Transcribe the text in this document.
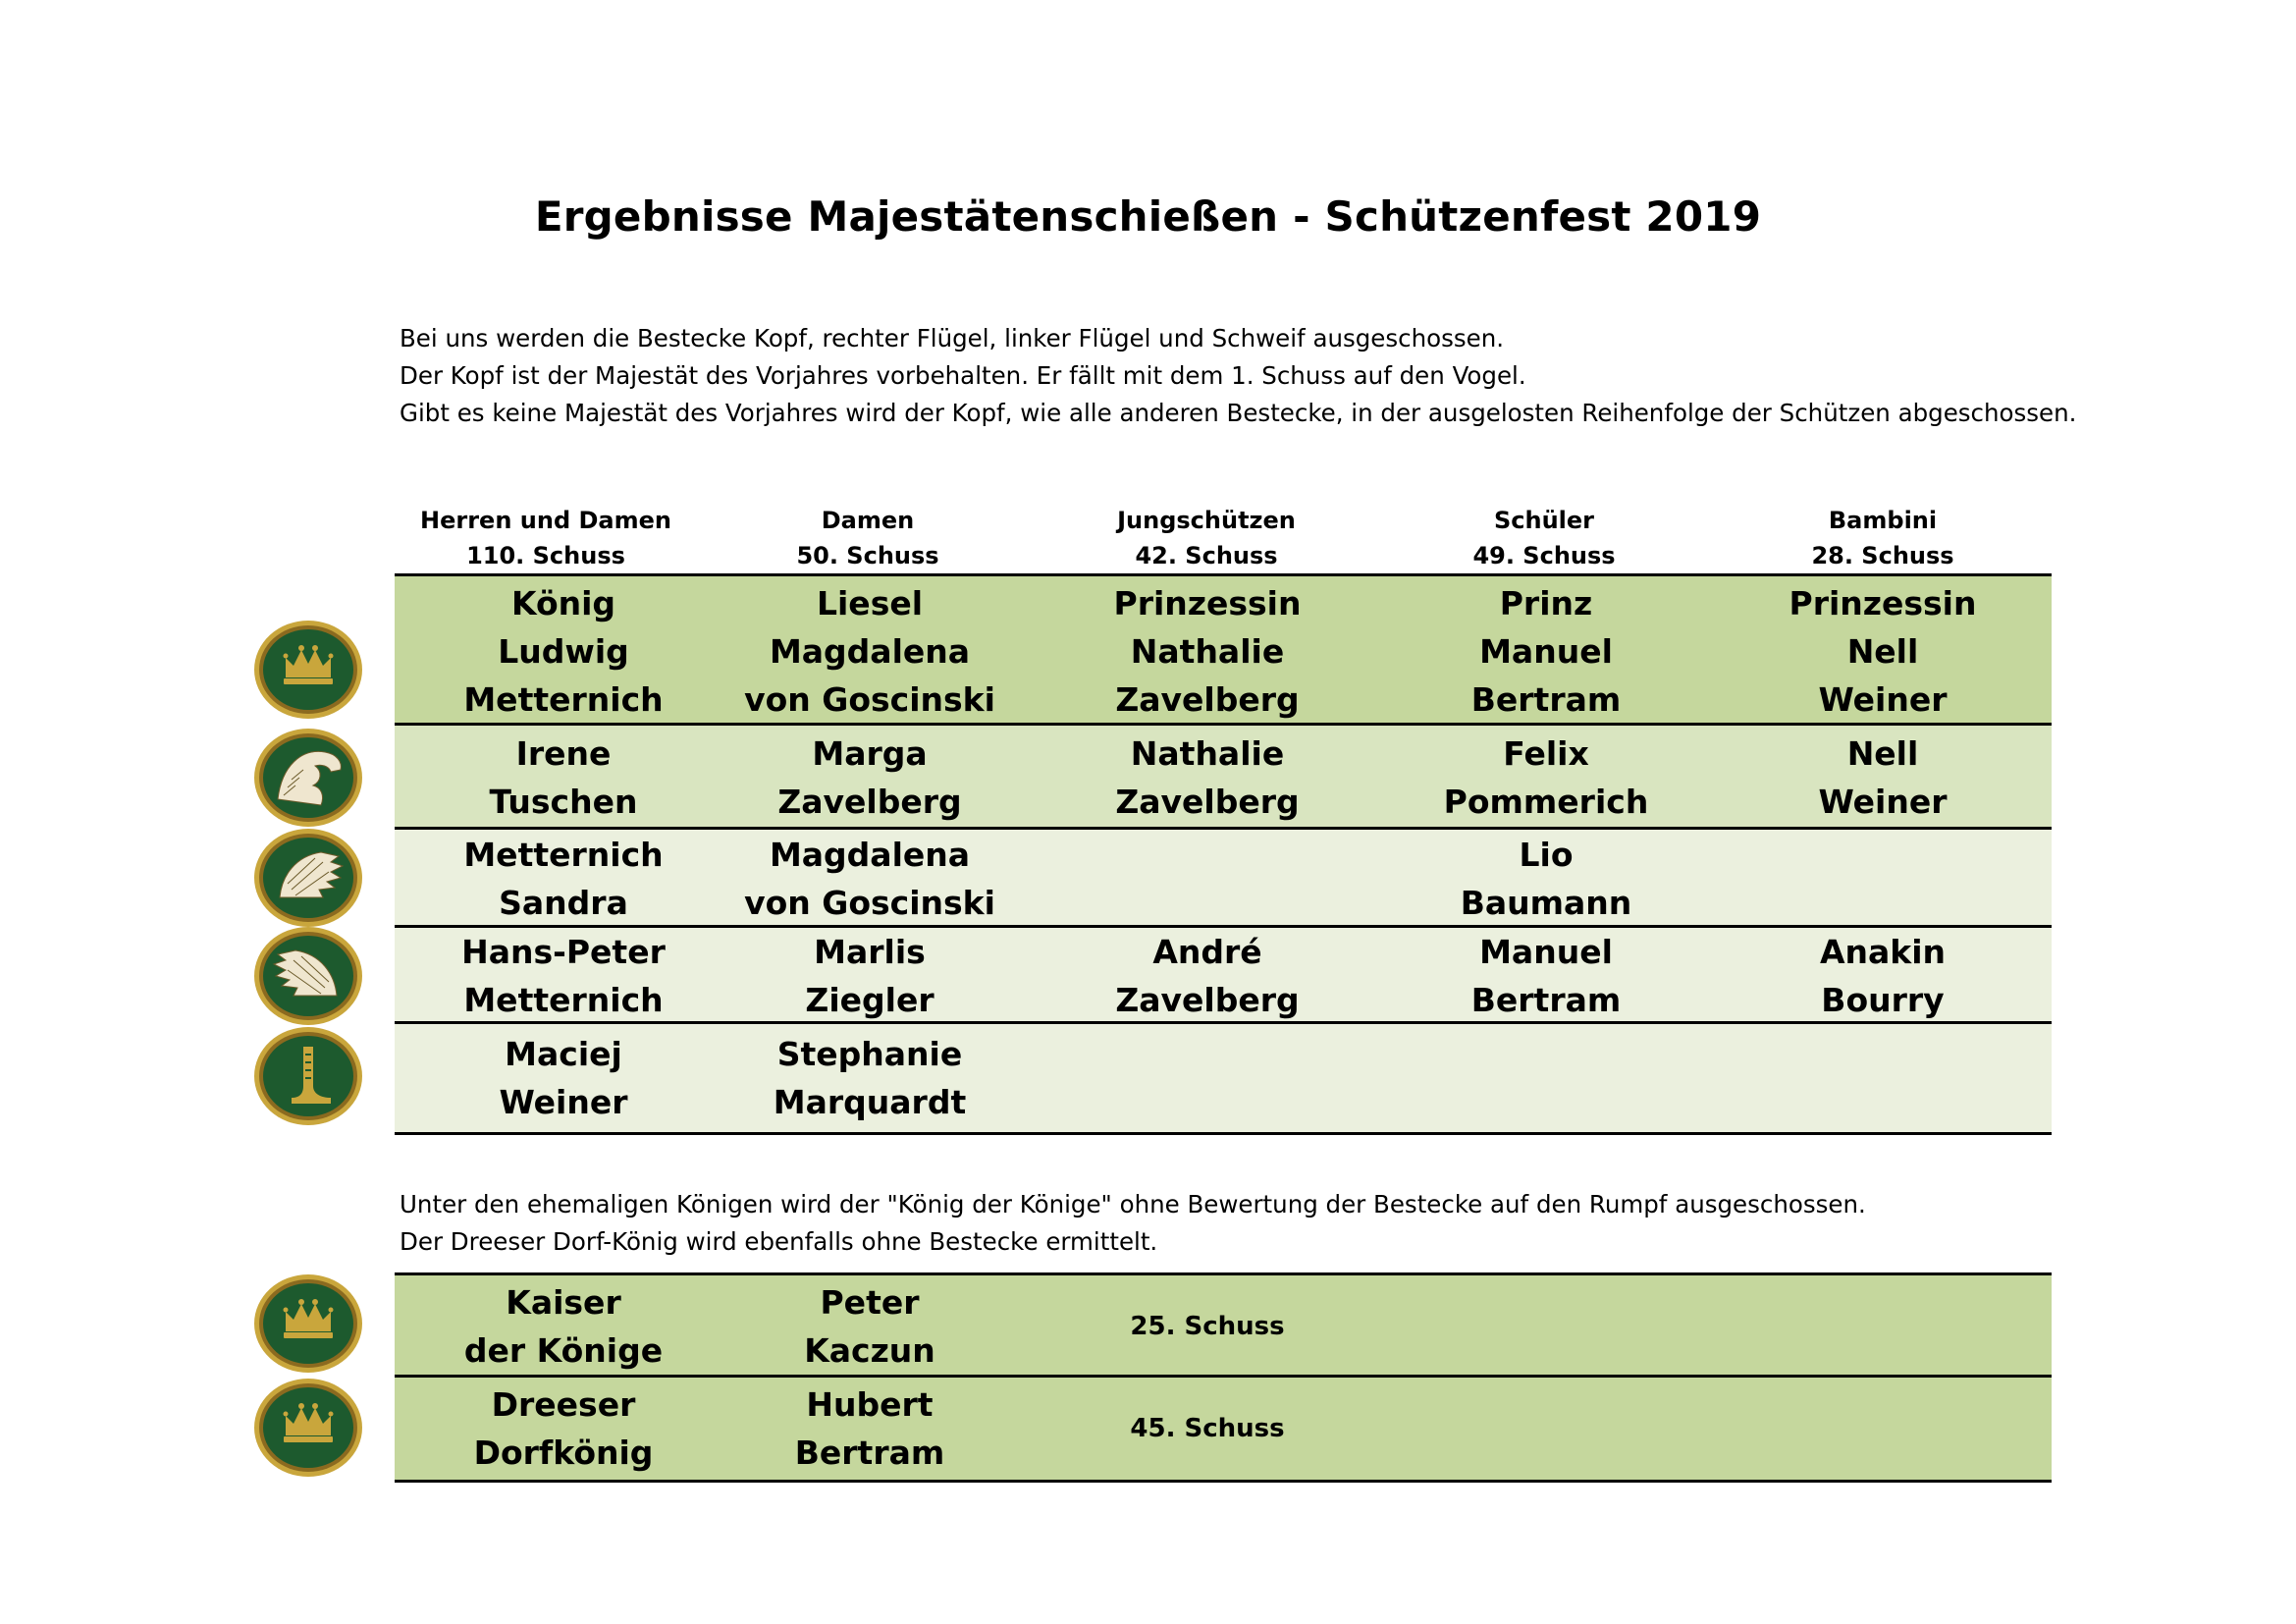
Ergebnisse Majestätenschießen - Schützenfest 2019

Bei uns werden die Bestecke Kopf, rechter Flügel, linker Flügel und Schweif ausgeschossen.

Der Kopf ist der Majestät des Vorjahres vorbehalten. Er fällt mit dem 1. Schuss auf den Vogel.

Gibt es keine Majestät des Vorjahres wird der Kopf, wie alle anderen Bestecke, in der ausgelosten Reihenfolge der Schützen abgeschossen.

Herren und Damen
110. Schuss
Damen
50. Schuss
Jungschützen
42. Schuss
Schüler
49. Schuss
Bambini
28. Schuss
König
Ludwig
Metternich
Liesel
Magdalena
von Goscinski
Prinzessin
Nathalie
Zavelberg
Prinz
Manuel
Bertram
Prinzessin
Nell
Weiner
Irene
Tuschen
Marga
Zavelberg
Nathalie
Zavelberg
Felix
Pommerich
Nell
Weiner
Metternich
Sandra
Magdalena
von Goscinski
Lio
Baumann
Hans-Peter
Metternich
Marlis
Ziegler
André
Zavelberg
Manuel
Bertram
Anakin
Bourry
Maciej
Weiner
Stephanie
Marquardt

Unter den ehemaligen Königen wird der "König der Könige" ohne Bewertung der Bestecke auf den Rumpf ausgeschossen.

Der Dreeser Dorf-König wird ebenfalls ohne Bestecke ermittelt.

Kaiser
der Könige
Peter
Kaczun
25. Schuss
Dreeser
Dorfkönig
Hubert
Bertram
45. Schuss
